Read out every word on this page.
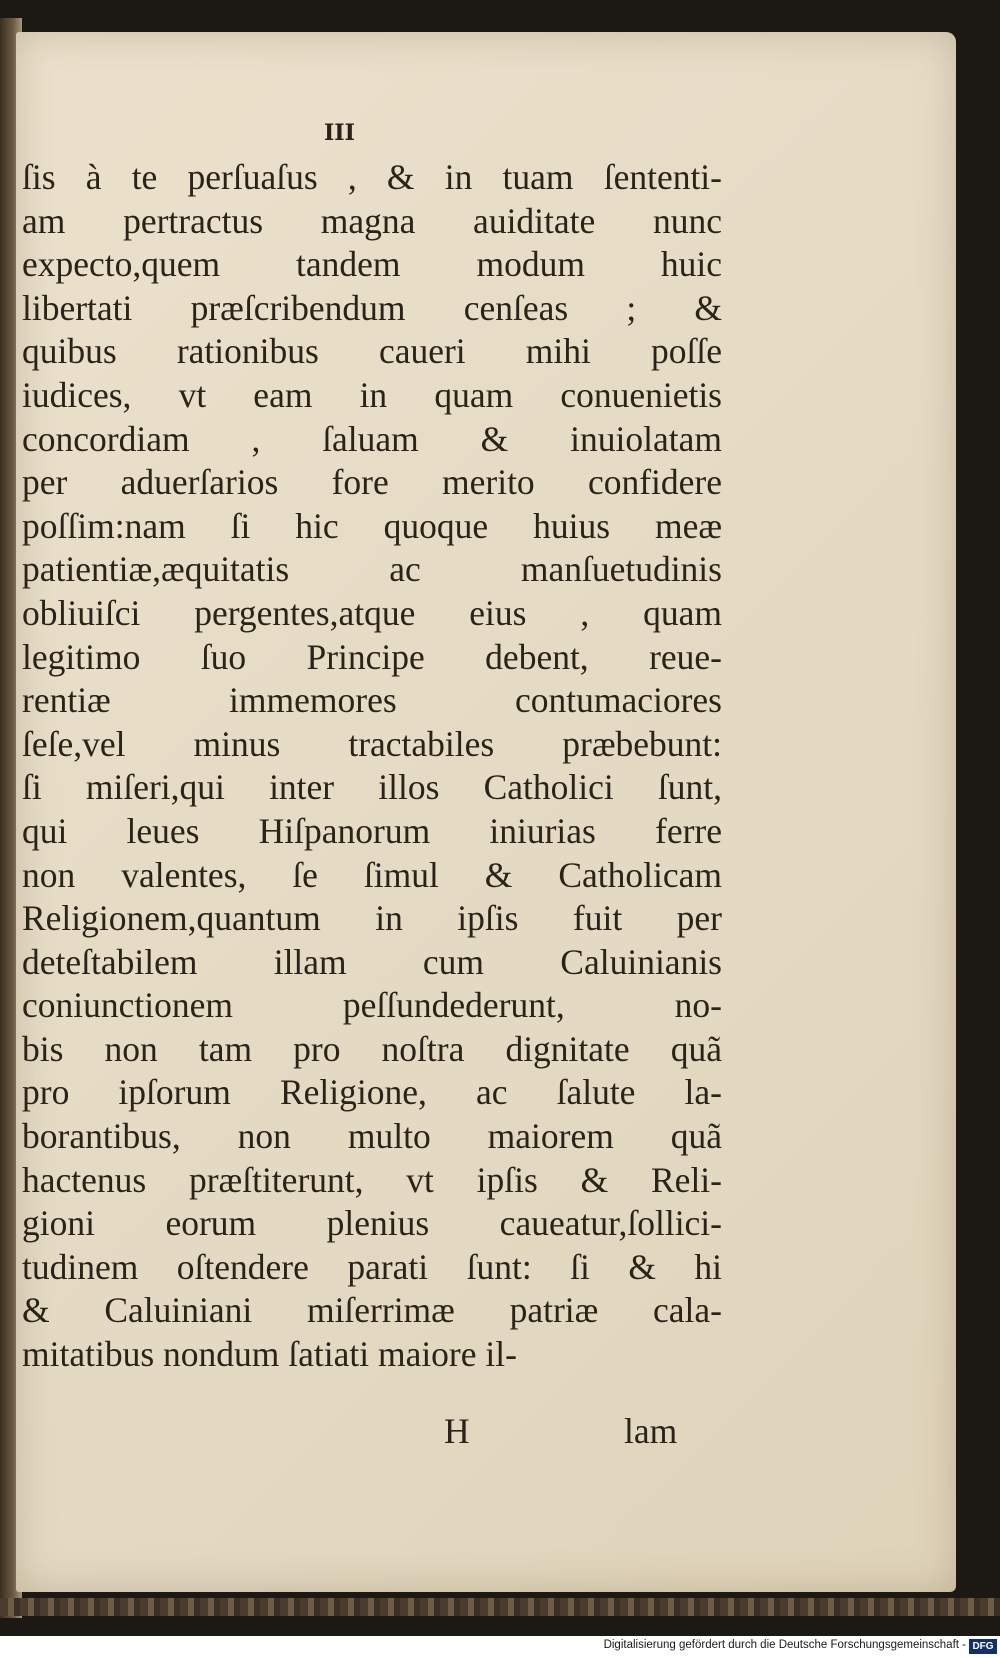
III
ſis à te perſuaſus , & in tuam ſententi-
am pertractus magna auiditate nunc
expecto,quem tandem modum huic
libertati præſcribendum cenſeas ; &
quibus rationibus caueri mihi poſſe
iudices, vt eam in quam conuenietis
concordiam , ſaluam & inuiolatam
per aduerſarios fore merito confidere
poſſim:nam ſi hic quoque huius meæ
patientiæ,æquitatis ac manſuetudinis
obliuiſci pergentes,atque eius , quam
legitimo ſuo Principe debent, reue-
rentiæ immemores contumaciores
ſeſe,vel minus tractabiles præbebunt:
ſi miſeri,qui inter illos Catholici ſunt,
qui leues Hiſpanorum iniurias ferre
non valentes, ſe ſimul & Catholicam
Religionem,quantum in ipſis fuit per
deteſtabilem illam cum Caluinianis
coniunctionem peſſundederunt, no-
bis non tam pro noſtra dignitate quã
pro ipſorum Religione, ac ſalute la-
borantibus, non multo maiorem quã
hactenus præſtiterunt, vt ipſis & Reli-
gioni eorum plenius caueatur,ſollici-
tudinem oſtendere parati ſunt: ſi & hi
& Caluiniani miſerrimæ patriæ cala-
mitatibus nondum ſatiati maiore il-
H	lam
Digitalisierung gefördert durch die Deutsche Forschungsgemeinschaft - DFG
